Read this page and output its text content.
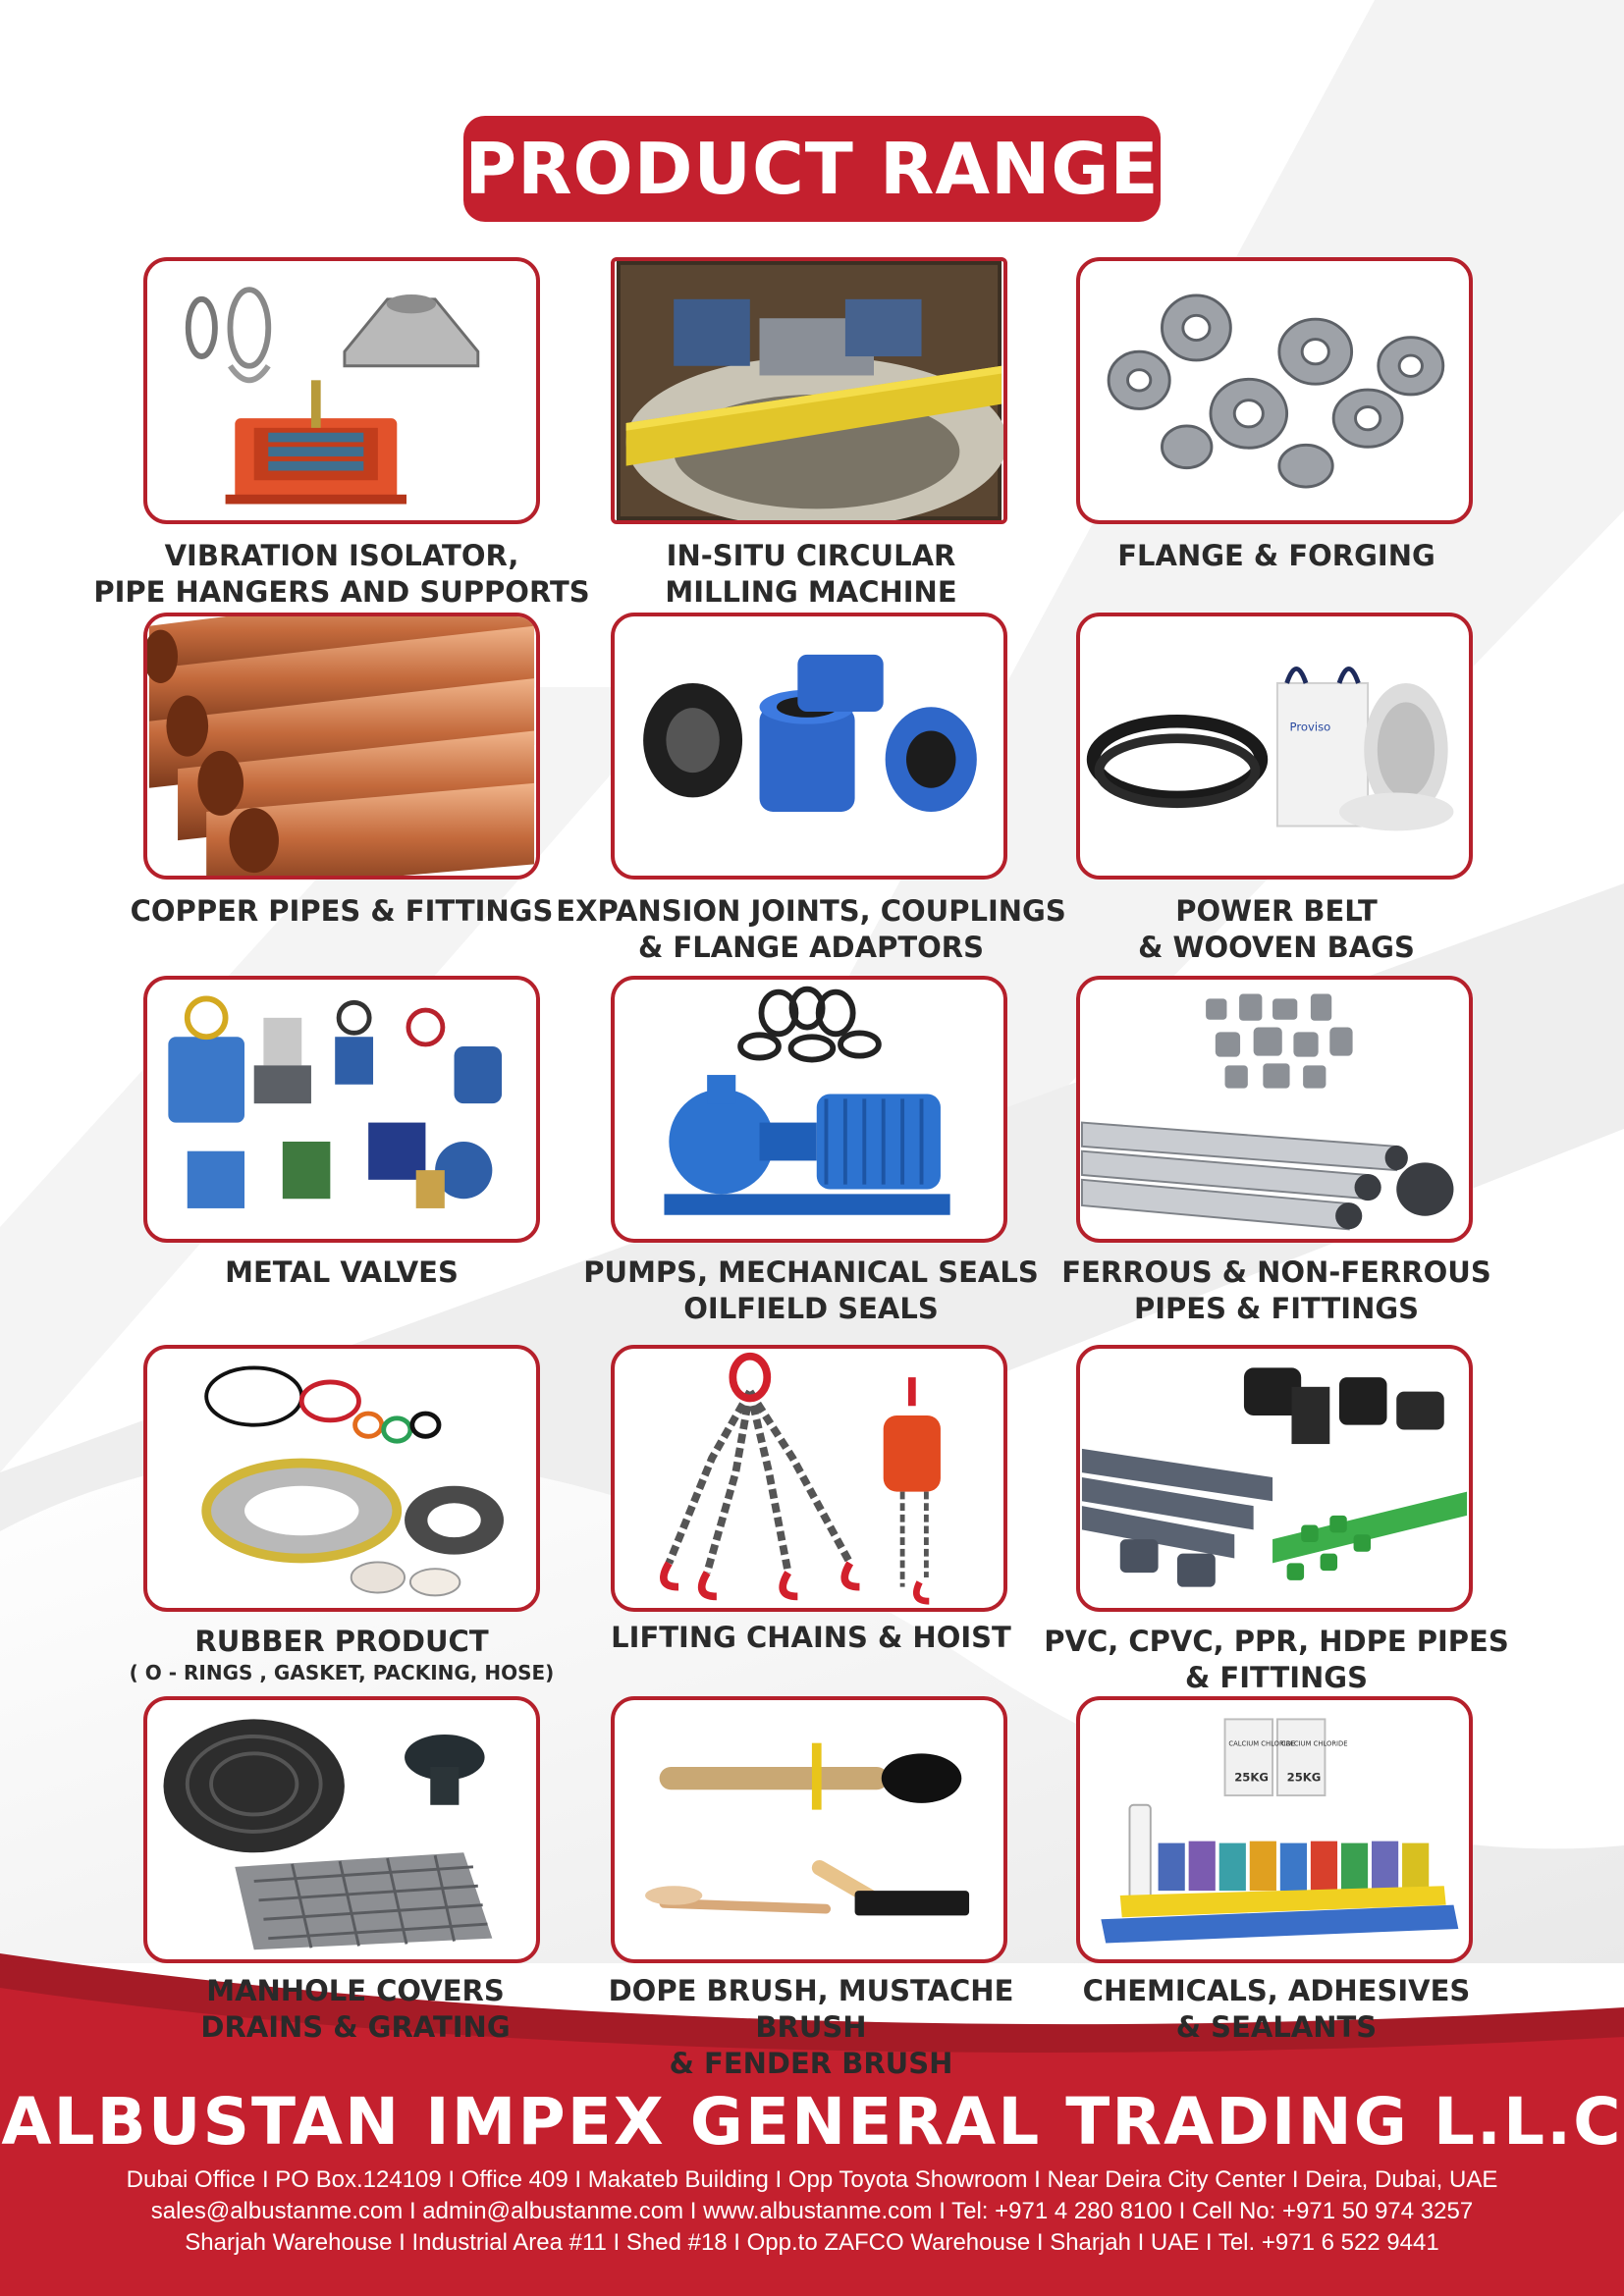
PRODUCT RANGE
VIBRATION ISOLATOR,
PIPE HANGERS AND SUPPORTS
IN-SITU CIRCULAR
MILLING MACHINE
FLANGE & FORGING
COPPER PIPES & FITTINGS EXPANSION JOINTS, COUPLINGS
& FLANGE ADAPTORS
Proviso
POWER BELT
& WOOVEN BAGS
METAL VALVES	PUMPS, MECHANICAL SEALS
OILFIELD SEALS
FERROUS & NON-FERROUS
PIPES & FITTINGS
RUBBER PRODUCT
( O - RINGS , GASKET, PACKING, HOSE)
LIFTING CHAINS & HOIST	PVC, CPVC, PPR, HDPE PIPES
& FITTINGS
MANHOLE COVERS
DRAINS & GRATING
DOPE BRUSH, MUSTACHE BRUSH
& FENDER BRUSH
CALCIUM CHLORIDE
CALCIUM CHLORIDE
25KG 25KG
CHEMICALS, ADHESIVES
& SEALANTS
ALBUSTAN IMPEX GENERAL TRADING L.L.C
Dubai Office I PO Box.124109 I Office 409 I Makateb Building I Opp Toyota Showroom I Near Deira City Center I Deira, Dubai, UAE
sales@albustanme.com I admin@albustanme.com I www.albustanme.com I Tel: +971 4 280 8100 I Cell No: +971 50 974 3257
Sharjah Warehouse I Industrial Area #11 I Shed #18 I Opp.to ZAFCO Warehouse I Sharjah I UAE I Tel. +971 6 522 9441
